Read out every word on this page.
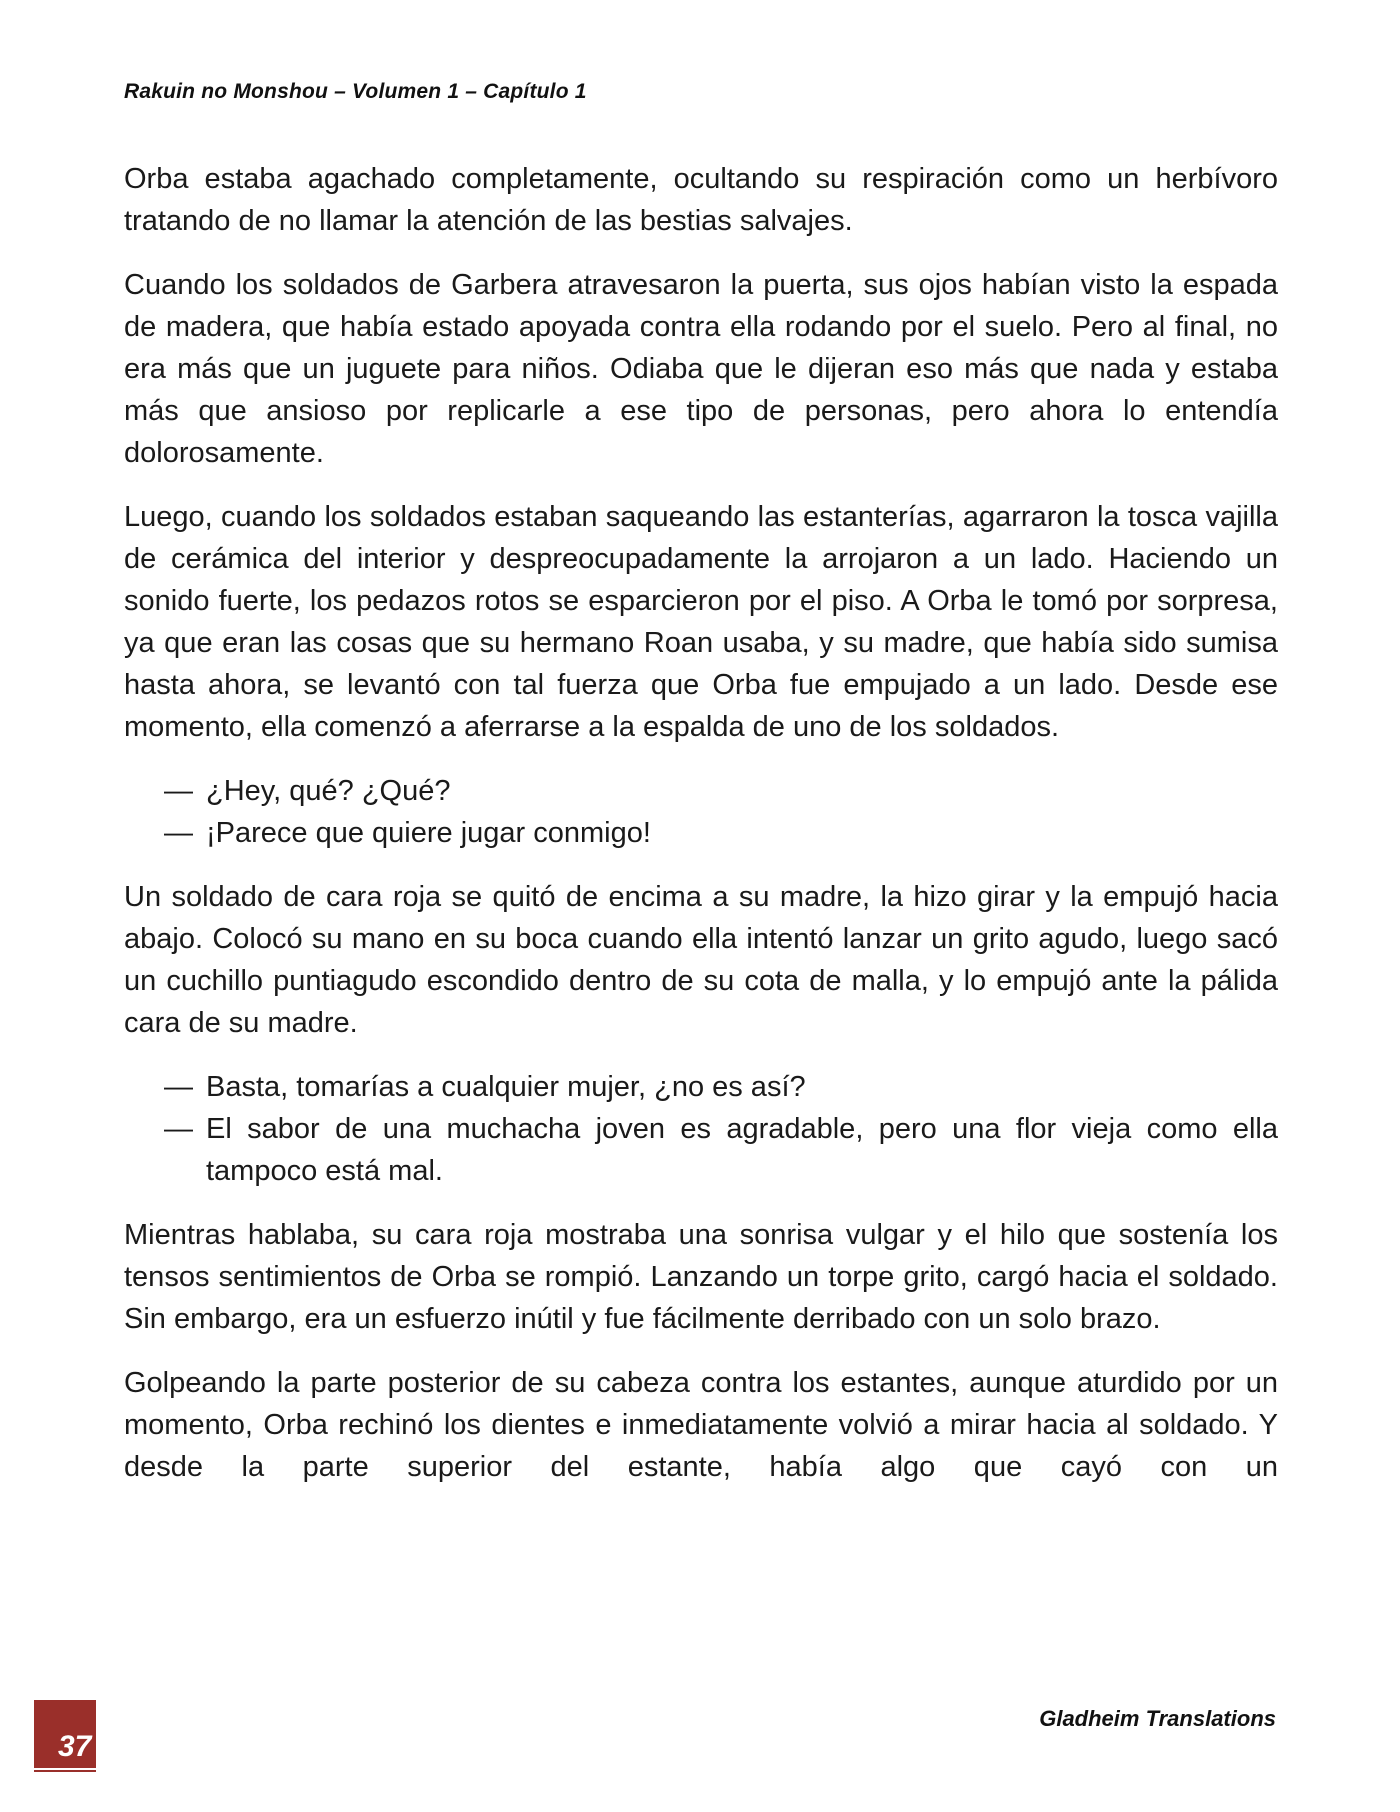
Rakuin no Monshou – Volumen 1 – Capítulo 1

Orba estaba agachado completamente, ocultando su respiración como un herbívoro tratando de no llamar la atención de las bestias salvajes.

Cuando los soldados de Garbera atravesaron la puerta, sus ojos habían visto la espada de madera, que había estado apoyada contra ella rodando por el suelo. Pero al final, no era más que un juguete para niños. Odiaba que le dijeran eso más que nada y estaba más que ansioso por replicarle a ese tipo de personas, pero ahora lo entendía dolorosamente.

Luego, cuando los soldados estaban saqueando las estanterías, agarraron la tosca vajilla de cerámica del interior y despreocupadamente la arrojaron a un lado. Haciendo un sonido fuerte, los pedazos rotos se esparcieron por el piso. A Orba le tomó por sorpresa, ya que eran las cosas que su hermano Roan usaba, y su madre, que había sido sumisa hasta ahora, se levantó con tal fuerza que Orba fue empujado a un lado. Desde ese momento, ella comenzó a aferrarse a la espalda de uno de los soldados.

— ¿Hey, qué? ¿Qué?
— ¡Parece que quiere jugar conmigo!

Un soldado de cara roja se quitó de encima a su madre, la hizo girar y la empujó hacia abajo. Colocó su mano en su boca cuando ella intentó lanzar un grito agudo, luego sacó un cuchillo puntiagudo escondido dentro de su cota de malla, y lo empujó ante la pálida cara de su madre.

— Basta, tomarías a cualquier mujer, ¿no es así?
— El sabor de una muchacha joven es agradable, pero una flor vieja como ella tampoco está mal.

Mientras hablaba, su cara roja mostraba una sonrisa vulgar y el hilo que sostenía los tensos sentimientos de Orba se rompió. Lanzando un torpe grito, cargó hacia el soldado. Sin embargo, era un esfuerzo inútil y fue fácilmente derribado con un solo brazo.

Golpeando la parte posterior de su cabeza contra los estantes, aunque aturdido por un momento, Orba rechinó los dientes e inmediatamente volvió a mirar hacia al soldado. Y desde la parte superior del estante, había algo que cayó con un

37
Gladheim Translations
